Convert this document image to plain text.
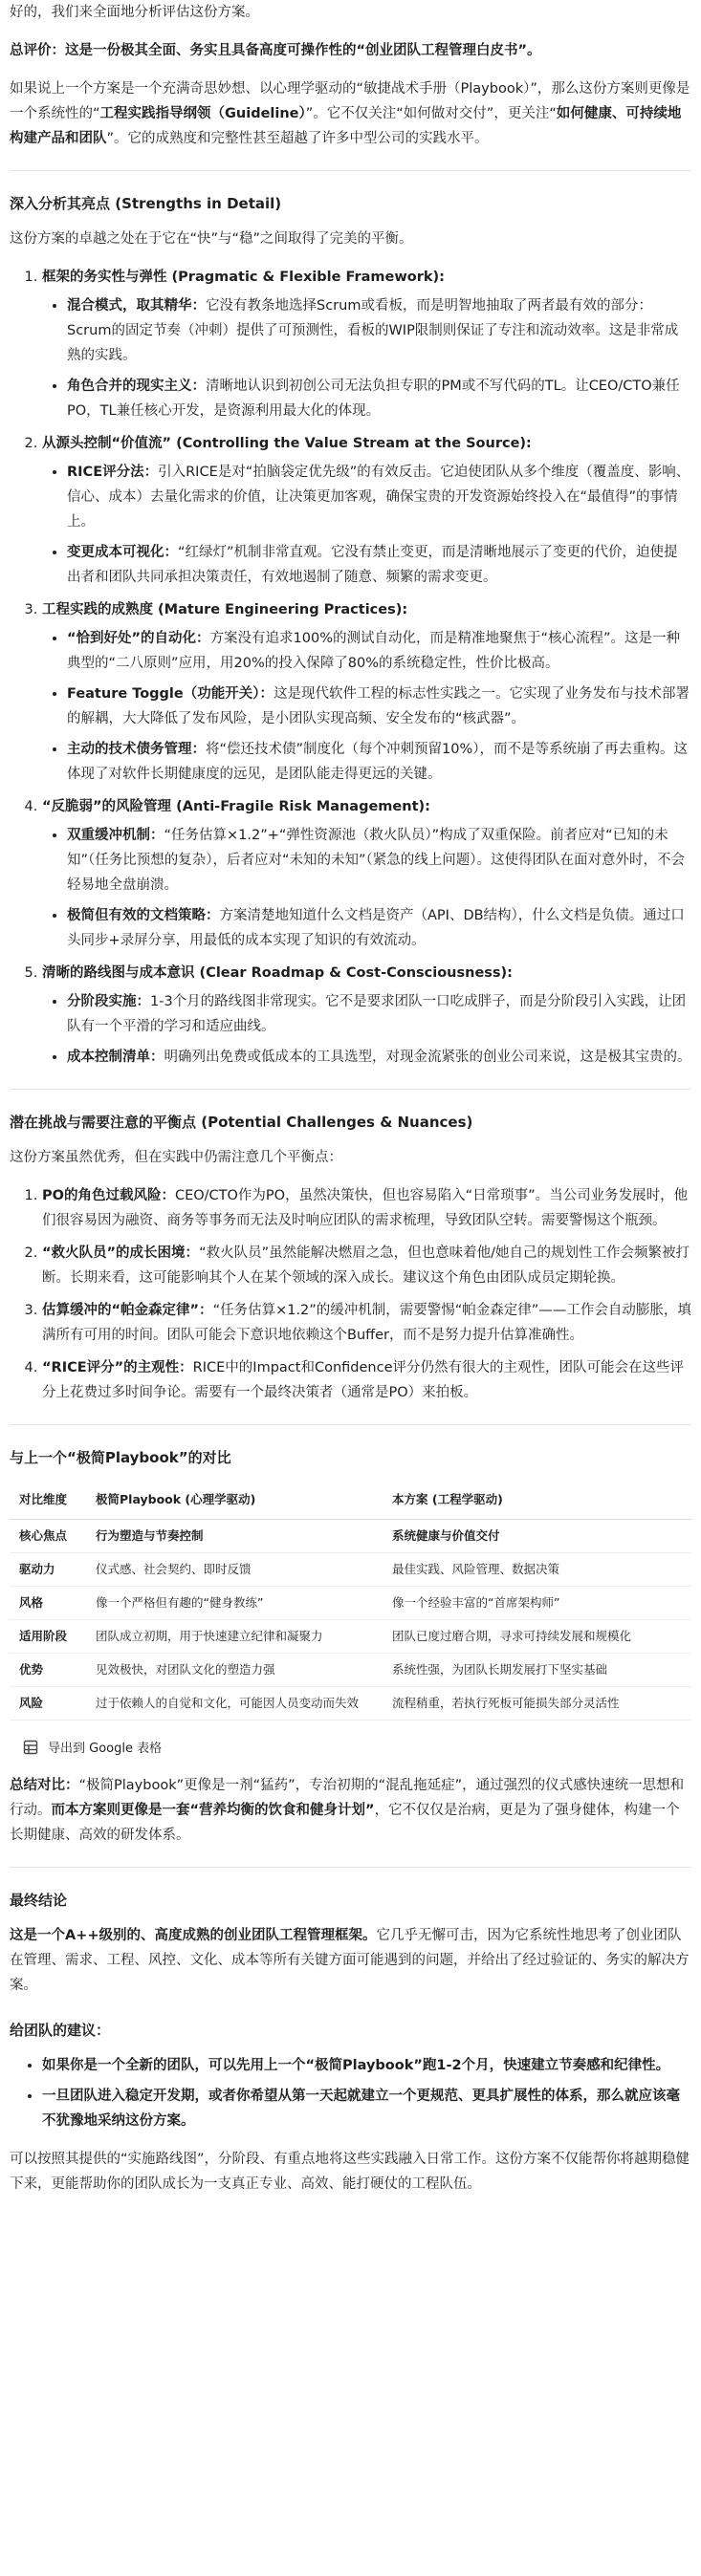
好的，我们来全面地分析评估这份方案。

总评价：这是一份极其全面、务实且具备高度可操作性的“创业团队工程管理白皮书”。

如果说上一个方案是一个充满奇思妙想、以心理学驱动的“敏捷战术手册（Playbook）”，那么这份方案则更像是一个系统性的“工程实践指导纲领（Guideline）”。它不仅关注“如何做对交付”，更关注“如何健康、可持续地构建产品和团队”。它的成熟度和完整性甚至超越了许多中型公司的实践水平。

深入分析其亮点 (Strengths in Detail)

这份方案的卓越之处在于它在“快”与“稳”之间取得了完美的平衡。

1. 框架的务实性与弹性 (Pragmatic & Flexible Framework):
• 混合模式，取其精华：它没有教条地选择Scrum或看板，而是明智地抽取了两者最有效的部分：Scrum的固定节奏（冲刺）提供了可预测性，看板的WIP限制则保证了专注和流动效率。这是非常成熟的实践。
• 角色合并的现实主义：清晰地认识到初创公司无法负担专职的PM或不写代码的TL。让CEO/CTO兼任PO，TL兼任核心开发，是资源利用最大化的体现。
2. 从源头控制“价值流” (Controlling the Value Stream at the Source):
• RICE评分法：引入RICE是对“拍脑袋定优先级”的有效反击。它迫使团队从多个维度（覆盖度、影响、信心、成本）去量化需求的价值，让决策更加客观，确保宝贵的开发资源始终投入在“最值得”的事情上。
• 变更成本可视化：“红绿灯”机制非常直观。它没有禁止变更，而是清晰地展示了变更的代价，迫使提出者和团队共同承担决策责任，有效地遏制了随意、频繁的需求变更。
3. 工程实践的成熟度 (Mature Engineering Practices):
• “恰到好处”的自动化：方案没有追求100%的测试自动化，而是精准地聚焦于“核心流程”。这是一种典型的“二八原则”应用，用20%的投入保障了80%的系统稳定性，性价比极高。
• Feature Toggle（功能开关）：这是现代软件工程的标志性实践之一。它实现了业务发布与技术部署的解耦，大大降低了发布风险，是小团队实现高频、安全发布的“核武器”。
• 主动的技术债务管理：将“偿还技术债”制度化（每个冲刺预留10%），而不是等系统崩了再去重构。这体现了对软件长期健康度的远见，是团队能走得更远的关键。
4. “反脆弱”的风险管理 (Anti-Fragile Risk Management):
• 双重缓冲机制：“任务估算×1.2”+“弹性资源池（救火队员）”构成了双重保险。前者应对“已知的未知”（任务比预想的复杂），后者应对“未知的未知”（紧急的线上问题）。这使得团队在面对意外时，不会轻易地全盘崩溃。
• 极简但有效的文档策略：方案清楚地知道什么文档是资产（API、DB结构），什么文档是负债。通过口头同步+录屏分享，用最低的成本实现了知识的有效流动。
5. 清晰的路线图与成本意识 (Clear Roadmap & Cost-Consciousness):
• 分阶段实施：1-3个月的路线图非常现实。它不是要求团队一口吃成胖子，而是分阶段引入实践，让团队有一个平滑的学习和适应曲线。
• 成本控制清单：明确列出免费或低成本的工具选型，对现金流紧张的创业公司来说，这是极其宝贵的。
潜在挑战与需要注意的平衡点 (Potential Challenges & Nuances)

这份方案虽然优秀，但在实践中仍需注意几个平衡点：

1. PO的角色过载风险：CEO/CTO作为PO，虽然决策快，但也容易陷入“日常琐事”。当公司业务发展时，他们很容易因为融资、商务等事务而无法及时响应团队的需求梳理，导致团队空转。需要警惕这个瓶颈。
2. “救火队员”的成长困境：“救火队员”虽然能解决燃眉之急，但也意味着他/她自己的规划性工作会频繁被打断。长期来看，这可能影响其个人在某个领域的深入成长。建议这个角色由团队成员定期轮换。
3. 估算缓冲的“帕金森定律”：“任务估算×1.2”的缓冲机制，需要警惕“帕金森定律”——工作会自动膨胀，填满所有可用的时间。团队可能会下意识地依赖这个Buffer，而不是努力提升估算准确性。
4. “RICE评分”的主观性：RICE中的Impact和Confidence评分仍然有很大的主观性，团队可能会在这些评分上花费过多时间争论。需要有一个最终决策者（通常是PO）来拍板。
与上一个“极简Playbook”的对比
对比维度	极简Playbook (心理学驱动)	本方案 (工程学驱动)
核心焦点	行为塑造与节奏控制	系统健康与价值交付
驱动力	仪式感、社会契约、即时反馈	最佳实践、风险管理、数据决策
风格	像一个严格但有趣的“健身教练”	像一个经验丰富的“首席架构师”
适用阶段	团队成立初期，用于快速建立纪律和凝聚力	团队已度过磨合期，寻求可持续发展和规模化
优势	见效极快，对团队文化的塑造力强	系统性强，为团队长期发展打下坚实基础
风险	过于依赖人的自觉和文化，可能因人员变动而失效	流程稍重，若执行死板可能损失部分灵活性
导出到 Google 表格

总结对比：“极简Playbook”更像是一剂“猛药”，专治初期的“混乱拖延症”，通过强烈的仪式感快速统一思想和行动。而本方案则更像是一套“营养均衡的饮食和健身计划”，它不仅仅是治病，更是为了强身健体，构建一个长期健康、高效的研发体系。

最终结论

这是一个A++级别的、高度成熟的创业团队工程管理框架。它几乎无懈可击，因为它系统性地思考了创业团队在管理、需求、工程、风控、文化、成本等所有关键方面可能遇到的问题，并给出了经过验证的、务实的解决方案。

给团队的建议：
• 如果你是一个全新的团队，可以先用上一个“极简Playbook”跑1-2个月，快速建立节奏感和纪律性。
• 一旦团队进入稳定开发期，或者你希望从第一天起就建立一个更规范、更具扩展性的体系，那么就应该毫不犹豫地采纳这份方案。

可以按照其提供的“实施路线图”，分阶段、有重点地将这些实践融入日常工作。这份方案不仅能帮你将越期稳健下来，更能帮助你的团队成长为一支真正专业、高效、能打硬仗的工程队伍。
